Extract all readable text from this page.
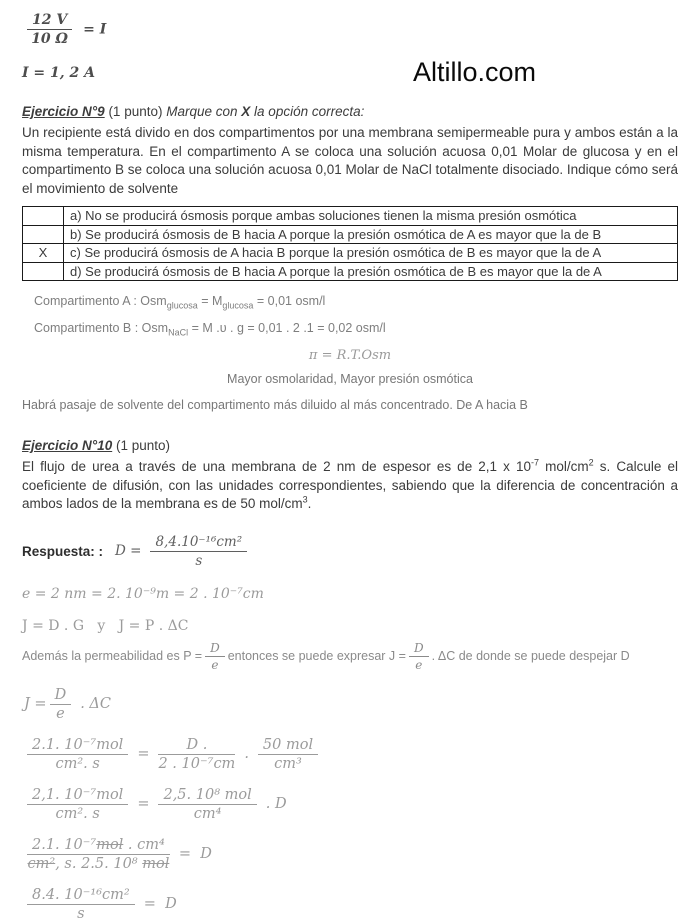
$\frac{12 V}{10 \Omega} = I$
I = 1, 2 A	Altillo.com
Ejercicio N°9 (1 punto) Marque con X la opción correcta:
Un recipiente está divido en dos compartimentos por una membrana semipermeable pura y ambos están a la misma temperatura. En el compartimento A se coloca una solución acuosa 0,01 Molar de glucosa y en el compartimento B se coloca una solución acuosa 0,01 Molar de NaCl totalmente disociado. Indique cómo será el movimiento de solvente
	a) No se producirá ósmosis porque ambas soluciones tienen la misma presión osmótica
	b) Se producirá ósmosis de B hacia A porque la presión osmótica de A es mayor que la de B
X	c) Se producirá ósmosis de A hacia B porque la presión osmótica de B es mayor que la de A
	d) Se producirá ósmosis de B hacia A porque la presión osmótica de B es mayor que la de A
Compartimento A : $Osm_{glucosa} = M_{glucosa} = 0,01$ osm/l
Compartimento B : Osm$_{NaCl}$ = M .υ . g = 0,01 . 2 .1 = 0,02 osm/l
π = R.T.Osm
Mayor osmolaridad, Mayor presión osmótica
Habrá pasaje de solvente del compartimento más diluido al más concentrado. De A hacia B
Ejercicio N°10 (1 punto)
El flujo de urea a través de una membrana de 2 nm de espesor es de 2,1 x $10^{-7}$ mol/$cm^2$ s. Calcule el coeficiente de difusión, con las unidades correspondientes, sabiendo que la diferencia de concentración a ambos lados de la membrana es de 50 mol/$cm^3$.
Respuesta: : $D = \frac{\text{8,4.10⁻¹⁶cm²}}{s}$
e = 2 nm = 2. 10⁻⁹m = 2 . 10⁻⁷cm
J = D . G   y   J = P . ΔC
Además la permeabilidad es $P = \frac{D}{e}$ entonces se puede expresar $J = \frac{D}{e}$ . ΔC de donde se puede despejar D
$J = \frac{D}{e}$ . ΔC
$\frac{\text{2.1. 10⁻⁷mol}}{\text{cm². s}} = \frac{D .}{\text{2 . 10⁻⁷cm}}$ . $\frac{\text{50 mol}}{\text{cm³}}$
$\frac{\text{2,1. 10⁻⁷mol}}{\text{cm². s}} = \frac{\text{2,5. 10⁸ mol}}{\text{cm⁴}}$ . D
$\frac{\text{2.1. 10⁻⁷mol . cm⁴}}{\text{cm², s. 2.5. 10⁸ mol}} = D$
$\frac{\text{8.4. 10⁻¹⁶cm²}}{s} = D$
